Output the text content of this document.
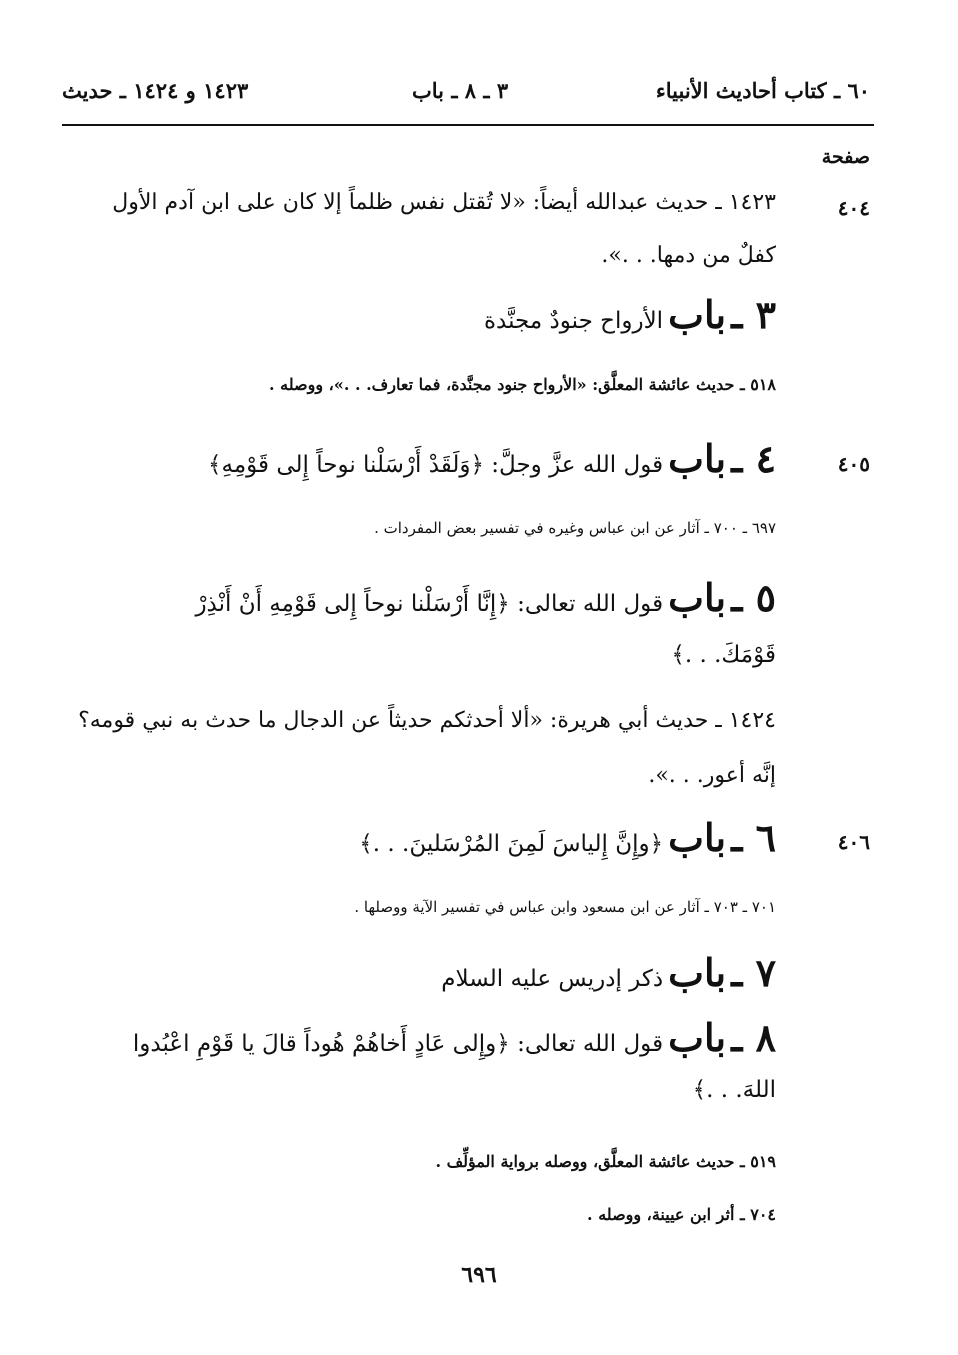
٦٠ ـ كتاب أحاديث الأنبياء
٣ ـ ٨ ـ باب
١٤٢٣ و ١٤٢٤ ـ حديث
صفحة
٤٠٤
٤٠٥
٤٠٦
١٤٢٣ ـ حديث عبدالله أيضاً: «لا تُقتل نفس ظلماً إلا كان على ابن آدم الأول
كفلٌ من دمها. . .».
٣ ـ باب الأرواح جنودٌ مجنَّدة
٥١٨ ـ حديث عائشة المعلَّق: «الأرواح جنود مجنَّدة، فما تعارف. . .»، ووصله .
٤ ـ باب قول الله عزَّ وجلَّ: ﴿وَلَقَدْ أَرْسَلْنا نوحاً إِلى قَوْمِهِ﴾
٦٩٧ ـ ٧٠٠ ـ آثار عن ابن عباس وغيره في تفسير بعض المفردات .
٥ ـ باب قول الله تعالى: ﴿إِنَّا أَرْسَلْنا نوحاً إِلى قَوْمِهِ أَنْ أَنْذِرْ
قَوْمَكَ. . .﴾
١٤٢٤ ـ حديث أبي هريرة: «ألا أحدثكم حديثاً عن الدجال ما حدث به نبي قومه؟
إنَّه أعور. . .».
٦ ـ باب ﴿وإِنَّ إِلياسَ لَمِنَ المُرْسَلينَ. . .﴾
٧٠١ ـ ٧٠٣ ـ آثار عن ابن مسعود وابن عباس في تفسير الآية ووصلها .
٧ ـ باب ذكر إدريس عليه السلام
٨ ـ باب قول الله تعالى: ﴿وإِلى عَادٍ أَخاهُمْ هُوداً قالَ يا قَوْمِ اعْبُدوا
اللهَ. . .﴾
٥١٩ ـ حديث عائشة المعلَّق، ووصله برواية المؤلِّف .
٧٠٤ ـ أثر ابن عيينة، ووصله .
٦٩٦
